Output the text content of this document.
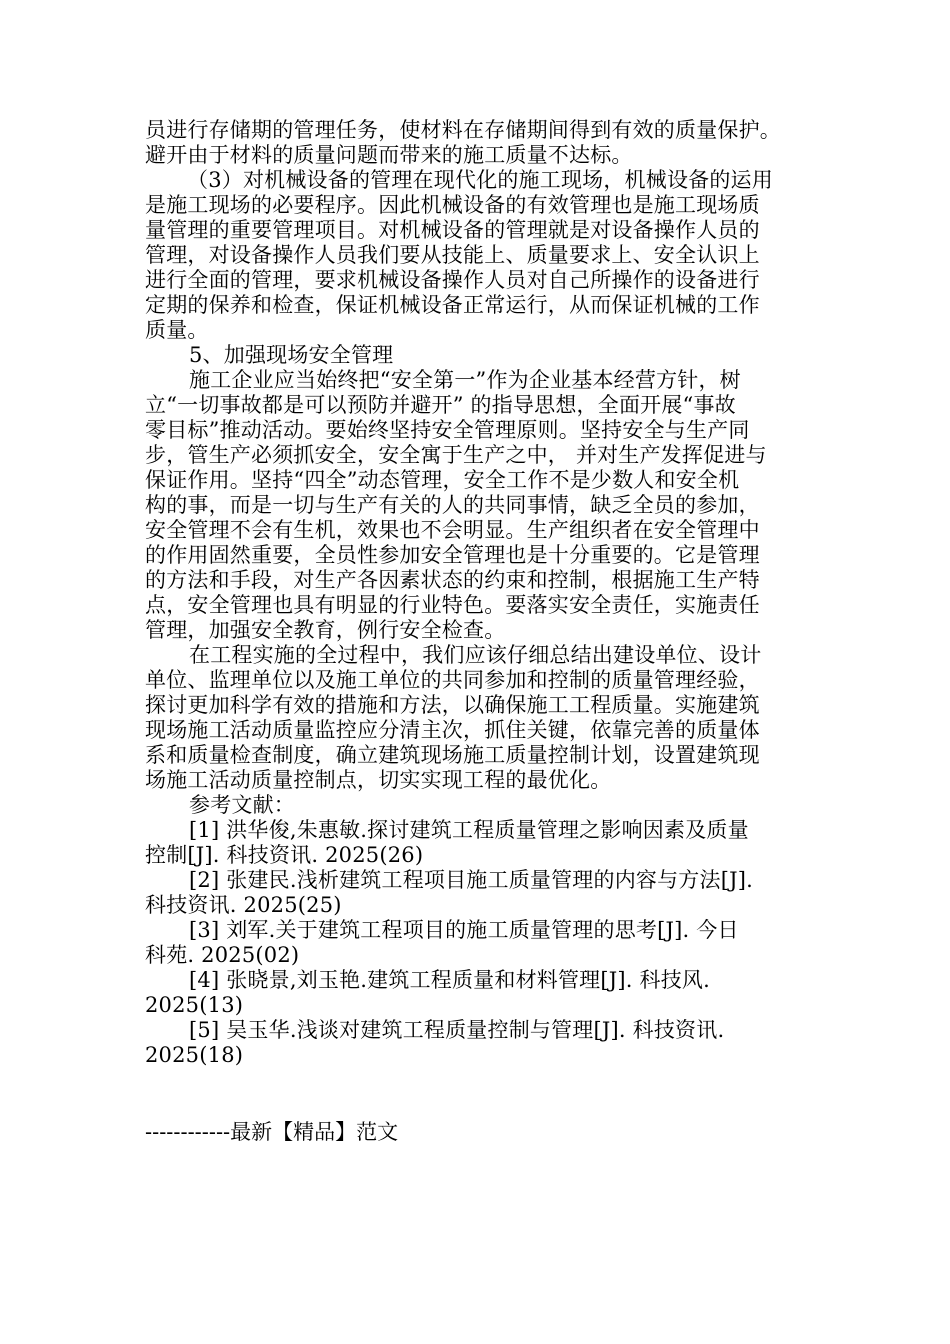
员进行存储期的管理任务，使材料在存储期间得到有效的质量保护。
避开由于材料的质量问题而带来的施工质量不达标。
（3）对机械设备的管理在现代化的施工现场，机械设备的运用
是施工现场的必要程序。因此机械设备的有效管理也是施工现场质
量管理的重要管理项目。对机械设备的管理就是对设备操作人员的
管理，对设备操作人员我们要从技能上、质量要求上、安全认识上
进行全面的管理，要求机械设备操作人员对自己所操作的设备进行
定期的保养和检查，保证机械设备正常运行，从而保证机械的工作
质量。
5、加强现场安全管理
施工企业应当始终把“安全第一”作为企业基本经营方针，树
立“一切事故都是可以预防并避开” 的指导思想，全面开展“事故
零目标”推动活动。要始终坚持安全管理原则。坚持安全与生产同
步，管生产必须抓安全，安全寓于生产之中， 并对生产发挥促进与
保证作用。坚持“四全”动态管理，安全工作不是少数人和安全机
构的事，而是一切与生产有关的人的共同事情，缺乏全员的参加，
安全管理不会有生机，效果也不会明显。生产组织者在安全管理中
的作用固然重要，全员性参加安全管理也是十分重要的。它是管理
的方法和手段，对生产各因素状态的约束和控制，根据施工生产特
点，安全管理也具有明显的行业特色。要落实安全责任，实施责任
管理，加强安全教育，例行安全检查。
在工程实施的全过程中，我们应该仔细总结出建设单位、设计
单位、监理单位以及施工单位的共同参加和控制的质量管理经验，
探讨更加科学有效的措施和方法，以确保施工工程质量。实施建筑
现场施工活动质量监控应分清主次，抓住关键，依靠完善的质量体
系和质量检查制度，确立建筑现场施工质量控制计划，设置建筑现
场施工活动质量控制点，切实实现工程的最优化。
参考文献：
[1] 洪华俊,朱惠敏.探讨建筑工程质量管理之影响因素及质量
控制[J]. 科技资讯. 2025(26)
[2] 张建民.浅析建筑工程项目施工质量管理的内容与方法[J].
科技资讯. 2025(25)
[3] 刘军.关于建筑工程项目的施工质量管理的思考[J]. 今日
科苑. 2025(02)
[4] 张晓景,刘玉艳.建筑工程质量和材料管理[J]. 科技风.
2025(13)
[5] 吴玉华.浅谈对建筑工程质量控制与管理[J]. 科技资讯.
2025(18)
------------最新【精品】范文
